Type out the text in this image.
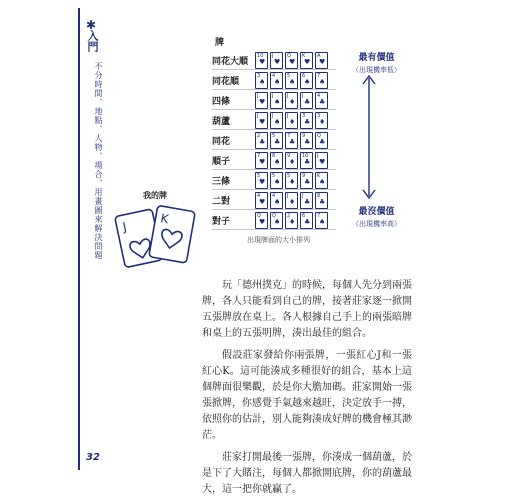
✱
入門
不分時間、地點、人物、場合，用畫圖來解決問題
32
牌
同花大順
10
♥
J
♥
Q
♥
K
♥
A
♥
同花順
3
♠
4
♠
5
♠
6
♠
7
♠
四條
J
♥
J
♠
J
♦
J
♣
4
♣
葫蘆
J
♥
J
♠
J
♦
3
♣
3
♦
同花
2
♣
5
♣
7
♣
9
♣
Q
♣
順子
7
♥
8
♠
9
♦
10
♣
J
♥
三條
5
♥
5
♠
5
♦
9
♣
K
♠
二對
4
♥
4
♠
J
♦
J
♣
8
♣
對子
Q
♥
Q
♠
2
♦
6
♣
7
♠
最有價值
（出現機率低）
最沒價值
（出現機率高）
出現牌面的大小排列
我的牌
J
K

玩「德州撲克」的時候，每個人先分到兩張牌，各人只能看到自己的牌，接著莊家逐一掀開五張牌放在桌上。各人根據自己手上的兩張暗牌和桌上的五張明牌，湊出最佳的組合。

假設莊家發給你兩張牌，一張紅心J和一張紅心K。這可能湊成多種很好的組合，基本上這個牌面很樂觀，於是你大膽加碼。莊家開始一張張掀牌，你感覺手氣越來越旺，決定放手一搏，依照你的估計，別人能夠湊成好牌的機會極其渺茫。

莊家打開最後一張牌，你湊成一個葫蘆，於是下了大賭注，每個人都掀開底牌，你的葫蘆最大，這一把你就贏了。
